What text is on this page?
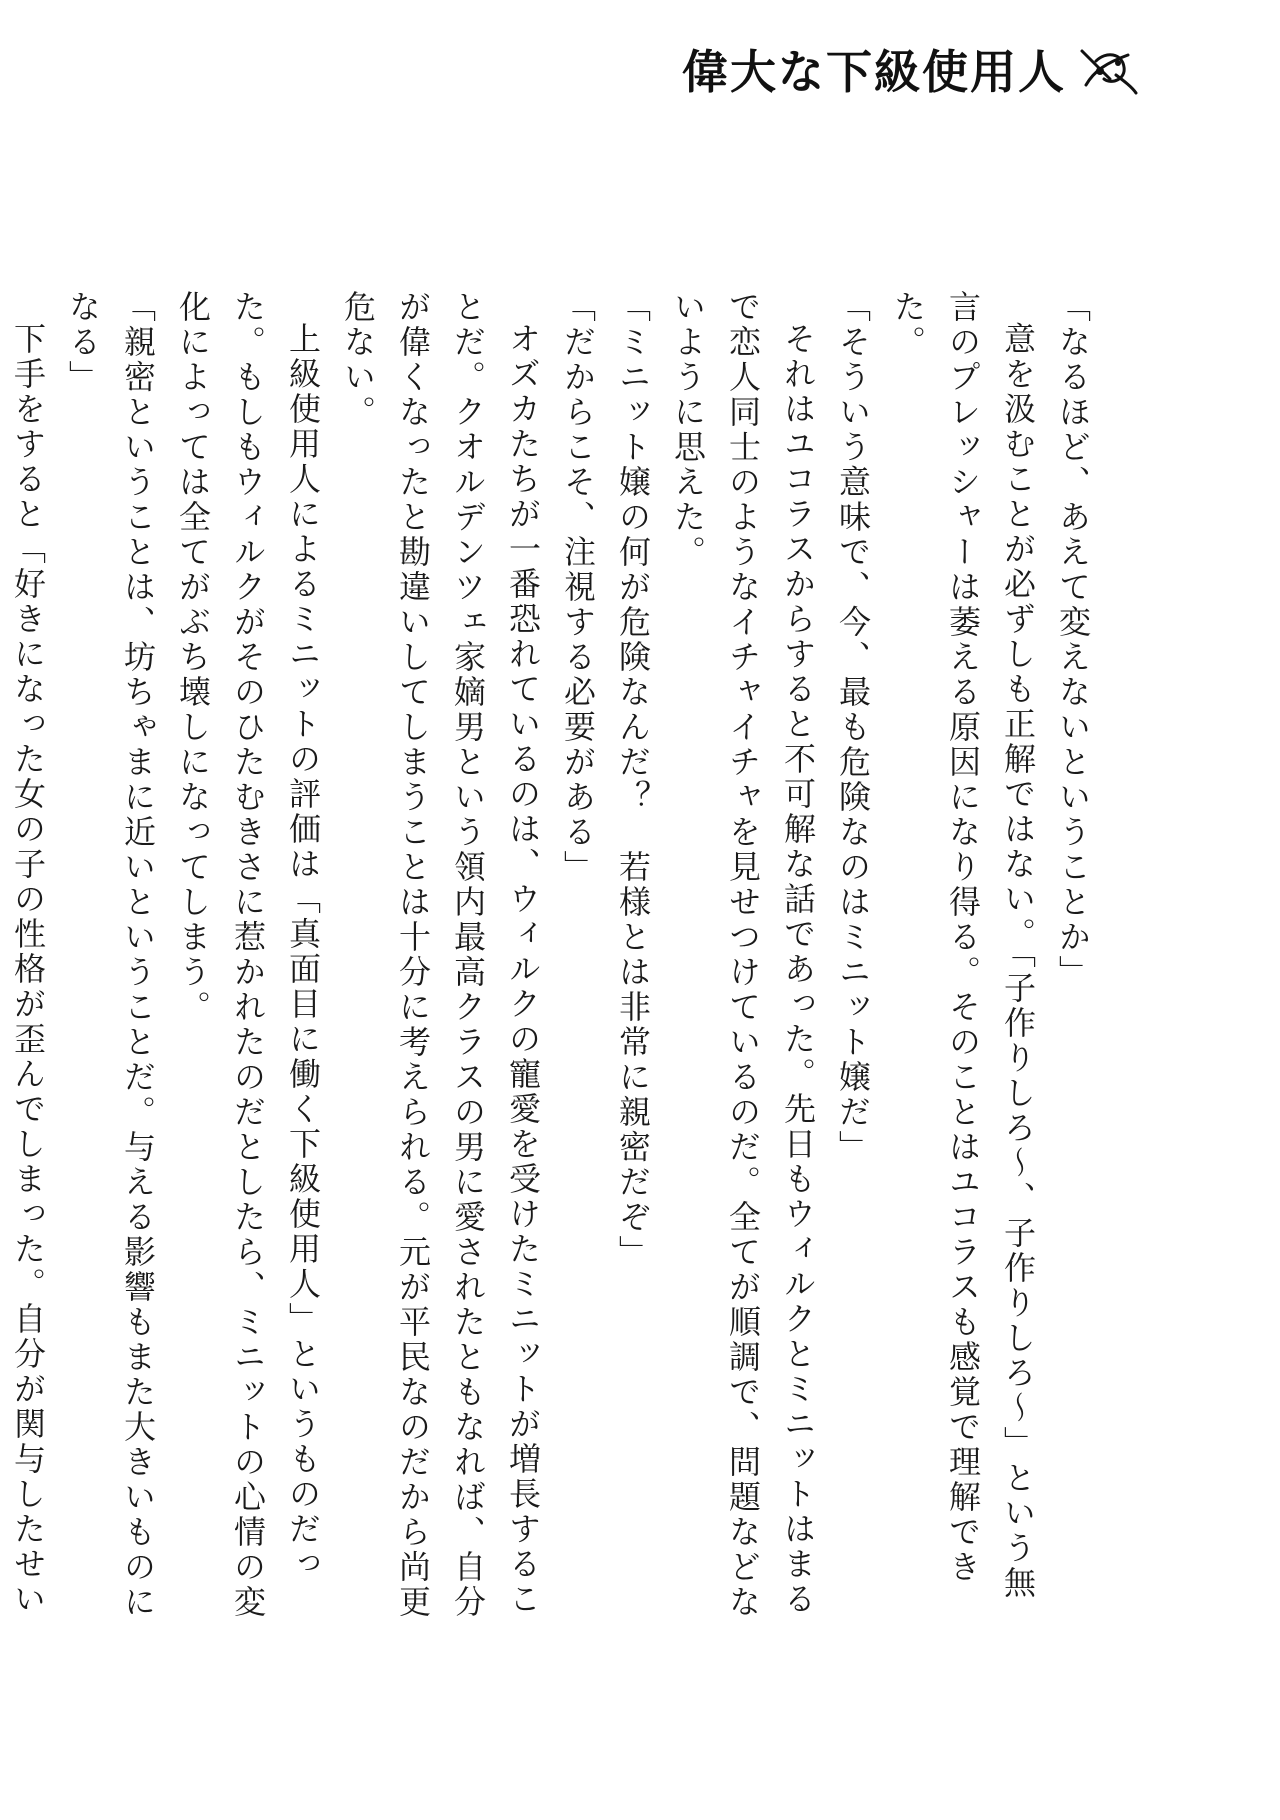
偉大な下級使用人

「なるほど、あえて変えないということか」

意を汲むことが必ずしも正解ではない。「子作りしろ〜、子作りしろ〜」という無言のプレッシャーは萎える原因になり得る。そのことはユコラスも感覚で理解できた。

「そういう意味で、今、最も危険なのはミニット嬢だ」

それはユコラスからすると不可解な話であった。先日もウィルクとミニットはまるで恋人同士のようなイチャイチャを見せつけているのだ。全てが順調で、問題などないように思えた。

「ミニット嬢の何が危険なんだ？　若様とは非常に親密だぞ」

「だからこそ、注視する必要がある」

オズカたちが一番恐れているのは、ウィルクの寵愛を受けたミニットが増長することだ。クオルデンツェ家嫡男という領内最高クラスの男に愛されたともなれば、自分が偉くなったと勘違いしてしまうことは十分に考えられる。元が平民なのだから尚更危ない。

上級使用人によるミニットの評価は「真面目に働く下級使用人」というものだった。もしもウィルクがそのひたむきさに惹かれたのだとしたら、ミニットの心情の変化によっては全てがぶち壊しになってしまう。

「親密ということは、坊ちゃまに近いということだ。与える影響もまた大きいものになる」

下手をすると「好きになった女の子の性格が歪んでしまった。自分が関与したせい
